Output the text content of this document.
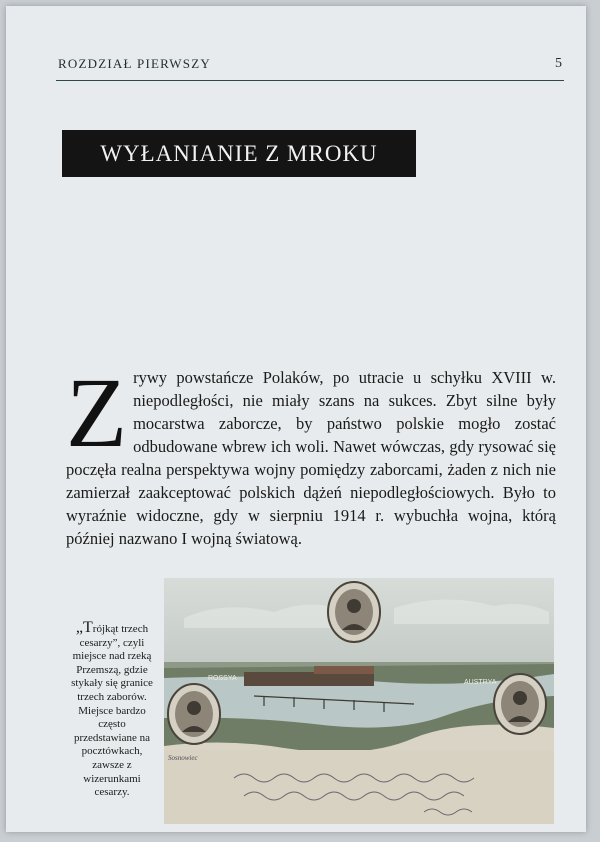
ROZDZIAŁ PIERWSZY	5
WYŁANIANIE Z MROKU
Zrywy powstańcze Polaków, po utracie u schyłku XVIII w. niepodległości, nie miały szans na sukces. Zbyt silne były mocarstwa zaborcze, by państwo polskie mogło zostać odbudowane wbrew ich woli. Nawet wówczas, gdy rysować się poczęła realna perspektywa wojny pomiędzy zaborcami, żaden z nich nie zamierzał zaakceptować polskich dążeń niepodległościowych. Było to wyraźnie widoczne, gdy w sierpniu 1914 r. wybuchła wojna, którą później nazwano I wojną światową.
„Trójkąt trzech cesarzy”, czyli miejsce nad rzeką Przemszą, gdzie stykały się granice trzech zaborów. Miejsce bardzo często przedstawiane na pocztówkach, zawsze z wizerunkami cesarzy.
ROSSYA
AUSTRYA
Sosnowiec
